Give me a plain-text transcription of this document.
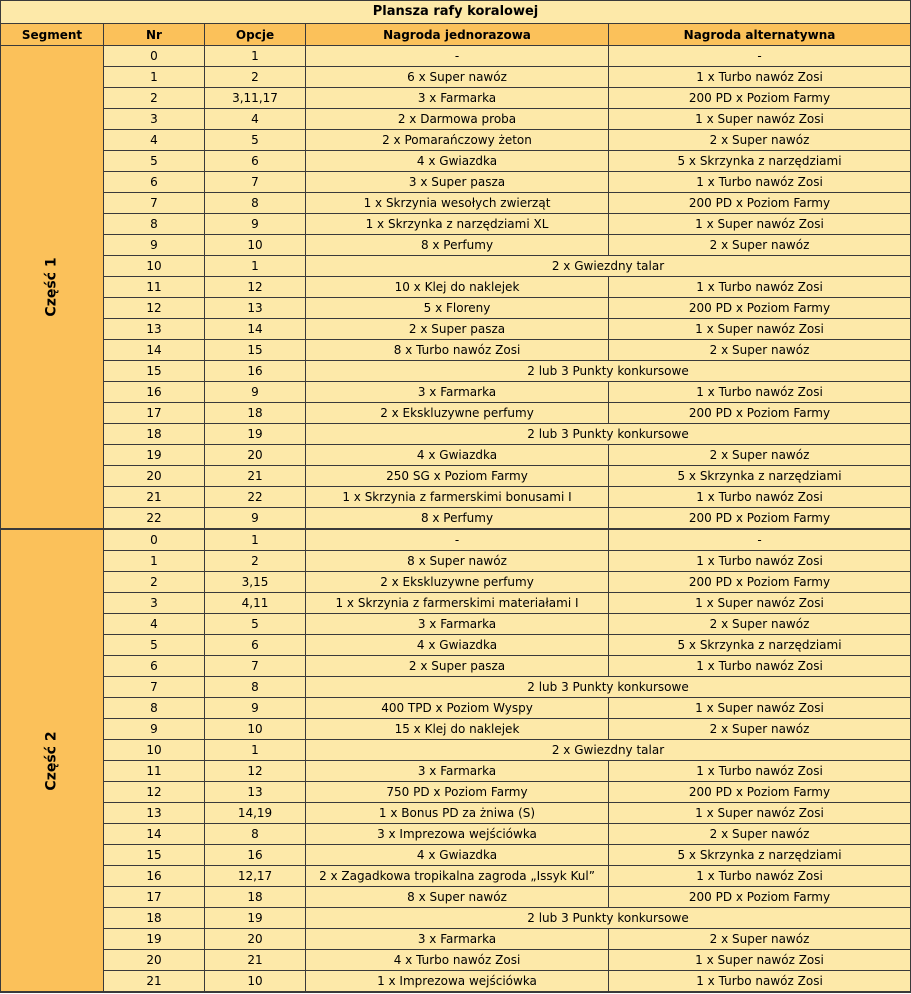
Plansza rafy koralowej				
Segment	Nr	Opcje	Nagroda jednorazowa	Nagroda alternatywna
Część 1	0	1	-	-
	1	2	6 x Super nawóz	1 x Turbo nawóz Zosi
	2	3,11,17	3 x Farmarka	200 PD x Poziom Farmy
	3	4	2 x Darmowa proba	1 x Super nawóz Zosi
	4	5	2 x Pomarańczowy żeton	2 x Super nawóz
	5	6	4 x Gwiazdka	5 x Skrzynka z narzędziami
	6	7	3 x Super pasza	1 x Turbo nawóz Zosi
	7	8	1 x Skrzynia wesołych zwierząt	200 PD x Poziom Farmy
	8	9	1 x Skrzynka z narzędziami XL	1 x Super nawóz Zosi
	9	10	8 x Perfumy	2 x Super nawóz
	10	1	2 x Gwiezdny talar	
	11	12	10 x Klej do naklejek	1 x Turbo nawóz Zosi
	12	13	5 x Floreny	200 PD x Poziom Farmy
	13	14	2 x Super pasza	1 x Super nawóz Zosi
	14	15	8 x Turbo nawóz Zosi	2 x Super nawóz
	15	16	2 lub 3 Punkty konkursowe	
	16	9	3 x Farmarka	1 x Turbo nawóz Zosi
	17	18	2 x Ekskluzywne perfumy	200 PD x Poziom Farmy
	18	19	2 lub 3 Punkty konkursowe	
	19	20	4 x Gwiazdka	2 x Super nawóz
	20	21	250 SG x Poziom Farmy	5 x Skrzynka z narzędziami
	21	22	1 x Skrzynia z farmerskimi bonusami I	1 x Turbo nawóz Zosi
	22	9	8 x Perfumy	200 PD x Poziom Farmy
Część 2	0	1	-	-
	1	2	8 x Super nawóz	1 x Turbo nawóz Zosi
	2	3,15	2 x Ekskluzywne perfumy	200 PD x Poziom Farmy
	3	4,11	1 x Skrzynia z farmerskimi materiałami I	1 x Super nawóz Zosi
	4	5	3 x Farmarka	2 x Super nawóz
	5	6	4 x Gwiazdka	5 x Skrzynka z narzędziami
	6	7	2 x Super pasza	1 x Turbo nawóz Zosi
	7	8	2 lub 3 Punkty konkursowe	
	8	9	400 TPD x Poziom Wyspy	1 x Super nawóz Zosi
	9	10	15 x Klej do naklejek	2 x Super nawóz
	10	1	2 x Gwiezdny talar	
	11	12	3 x Farmarka	1 x Turbo nawóz Zosi
	12	13	750 PD x Poziom Farmy	200 PD x Poziom Farmy
	13	14,19	1 x Bonus PD za żniwa (S)	1 x Super nawóz Zosi
	14	8	3 x Imprezowa wejściówka	2 x Super nawóz
	15	16	4 x Gwiazdka	5 x Skrzynka z narzędziami
	16	12,17	2 x Zagadkowa tropikalna zagroda „Issyk Kul”	1 x Turbo nawóz Zosi
	17	18	8 x Super nawóz	200 PD x Poziom Farmy
	18	19	2 lub 3 Punkty konkursowe	
	19	20	3 x Farmarka	2 x Super nawóz
	20	21	4 x Turbo nawóz Zosi	1 x Super nawóz Zosi
	21	10	1 x Imprezowa wejściówka	1 x Turbo nawóz Zosi
